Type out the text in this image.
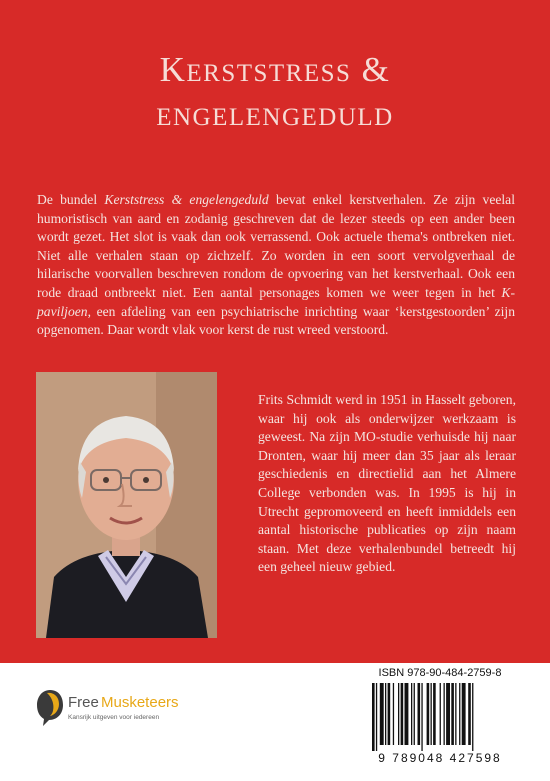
Kerststress &
engelengeduld

De bundel Kerststress & engelengeduld bevat enkel kerstverhalen. Ze zijn veelal humoristisch van aard en zodanig geschreven dat de lezer steeds op een ander been wordt gezet. Het slot is vaak dan ook verrassend. Ook actuele thema's ontbreken niet. Niet alle verhalen staan op zichzelf. Zo worden in een soort vervolgverhaal de hilarische voorvallen beschreven rondom de opvoering van het kerstverhaal. Ook een rode draad ontbreekt niet. Een aantal personages komen we weer tegen in het K-paviljoen, een afdeling van een psychiatrische inrichting waar ‘kerstgestoorden’ zijn opgenomen. Daar wordt vlak voor kerst de rust wreed verstoord.

Frits Schmidt werd in 1951 in Hasselt geboren, waar hij ook als onderwijzer werkzaam is geweest. Na zijn MO-studie verhuisde hij naar Dronten, waar hij meer dan 35 jaar als leraar geschiedenis en directielid aan het Almere College verbonden was. In 1995 is hij in Utrecht gepromoveerd en heeft inmiddels een aantal historische publicaties op zijn naam staan. Met deze verhalenbundel betreedt hij een geheel nieuw gebied.
Free Musketeers
Kansrijk uitgeven voor iedereen
ISBN 978-90-484-2759-8
9 789048 427598
